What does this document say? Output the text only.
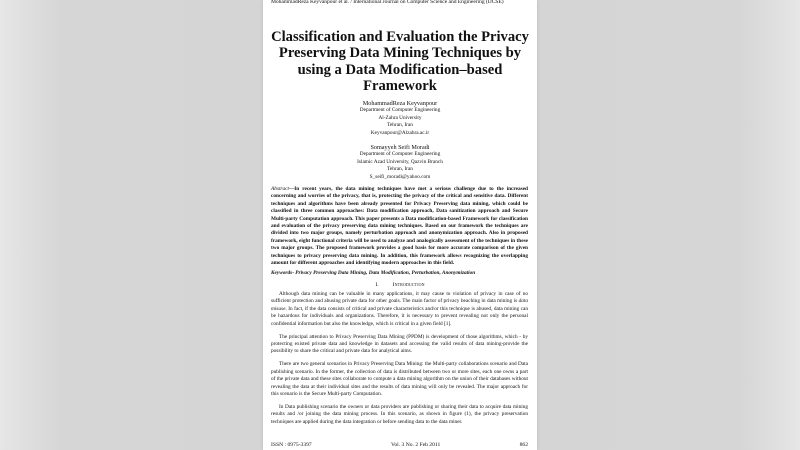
MohammadReza Keyvanpour et al. / International Journal on Computer Science and Engineering (IJCSE)
Classification and Evaluation the Privacy Preserving Data Mining Techniques by using a Data Modification–based Framework
MohammadReza Keyvanpour
Department of Computer Engineering
Al-Zahra University
Tehran, Iran
Keyvanpour@Alzahra.ac.ir
Somayyeh Seifi Moradi
Department of Computer Engineering
Islamic Azad University, Qazvin Branch
Tehran, Iran
S_seifi_moradi@yahoo.com
Abstract—In recent years, the data mining techniques have met a serious challenge due to the increased concerning and worries of the privacy, that is, protecting the privacy of the critical and sensitive data. Different techniques and algorithms have been already presented for Privacy Preserving data mining, which could be classified in three common approaches: Data modification approach, Data sanitization approach and Secure Multi-party Computation approach. This paper presents a Data modification-based Framework for classification and evaluation of the privacy preserving data mining techniques. Based on our framework the techniques are divided into two major groups, namely perturbation approach and anonymization approach. Also in proposed framework, eight functional criteria will be used to analyze and analogically assessment of the techniques in these two major groups. The proposed framework provides a good basis for more accurate comparison of the given techniques to privacy preserving data mining. In addition, this framework allows recognizing the overlapping amount for different approaches and identifying modern approaches in this field.
Keywords- Privacy Preserving Data Mining, Data Modification, Perturbation, Anonymization
I.	Introduction

Although data mining can be valuable in many applications, it may cause to violation of privacy in case of no sufficient protection and abusing private data for other goals. The main factor of privacy beaching in data mining is data misuse. In fact, if the data consists of critical and private characteristics and/or this technique is abused, data mining can be hazardous for individuals and organizations. Therefore, it is necessary to prevent revealing not only the personal confidential information but also the knowledge, which is critical in a given field [1].

The principal attention to Privacy Preserving Data Mining (PPDM) is development of those algorithms, which - by protecting existed private data and knowledge in datasets and accessing the valid results of data mining-provide the possibility to share the critical and private data for analytical aims.

There are two general scenarios in Privacy Preserving Data Mining: the Multi-party collaborations scenario and Data publishing scenario. In the former, the collection of data is distributed between two or more sites, each one owns a part of the private data and these sites collaborate to compute a data mining algorithm on the union of their databases without revealing the data at their individual sites and the results of data mining will only be revealed. The major approach for this scenario is the Secure Multi-party Computation.

In Data publishing scenario the owners or data providers are publishing or sharing their data to acquire data mining results and /or joining the data mining process. In this scenario, as shown in figure (1), the privacy preservation techniques are applied during the data integration or before sending data to the data miner.

ISSN : 0975-3397	Vol. 3 No. 2 Feb 2011	862
